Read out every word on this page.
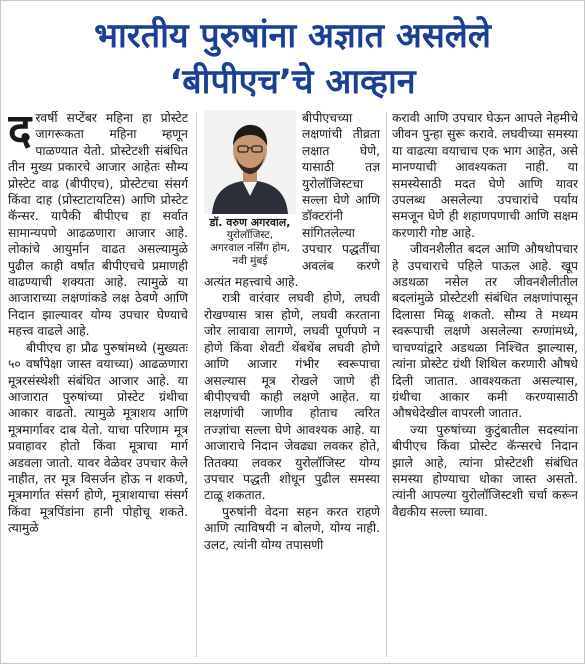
भारतीय पुरुषांना अज्ञात असलेले
‘बीपीएच’चे आव्हान

दरवर्षी सप्टेंबर महिना हा प्रोस्टेट जागरूकता महिना म्हणून पाळण्यात येतो. प्रोस्टेटशी संबंधित तीन मुख्य प्रकारचे आजार आहेतः सौम्य प्रोस्टेट वाढ (बीपीएच), प्रोस्टेटचा संसर्ग किंवा दाह (प्रोस्टाटायटिस) आणि प्रोस्टेट कॅन्सर. यापैकी बीपीएच हा सर्वात सामान्यपणे आढळणारा आजार आहे. लोकांचे आयुर्मान वाढत असल्यामुळे पुढील काही वर्षांत बीपीएचचे प्रमाणही वाढण्याची शक्यता आहे. त्यामुळे या आजाराच्या लक्षणांकडे लक्ष ठेवणे आणि निदान झाल्यावर योग्य उपचार घेण्याचे महत्त्व वाढले आहे.

बीपीएच हा प्रौढ पुरुषांमध्ये (मुख्यतः ५० वर्षांपेक्षा जास्त वयाच्या) आढळणारा मूत्ररसंस्थेशी संबंधित आजार आहे. या आजारात पुरुषांच्या प्रोस्टेट ग्रंथीचा आकार वाढतो. त्यामुळे मूत्राशय आणि मूत्रमार्गावर दाब येतो. याचा परिणाम मूत्र प्रवाहावर होतो किंवा मूत्राचा मार्ग अडवला जातो. यावर वेळेवर उपचार केले नाहीत, तर मूत्र विसर्जन होऊ न शकणे, मूत्रमार्गात संसर्ग होणे, मूत्राशयाचा संसर्ग किंवा मूत्रपिंडांना हानी पोहोचू शकते. त्यामुळे

डॉ. वरुण अगरवाल,
युरोलॉजिस्ट,
अगरवाल नर्सिंग होम,
नवी मुंबई

बीपीएचच्या लक्षणांची तीव्रता लक्षात घेणे, यासाठी तज्ञ युरोलॉजिस्टचा सल्ला घेणे आणि डॉक्टरांनी सांगितलेल्या उपचार पद्धतींचा अवलंब करणे अत्यंत महत्त्वाचे आहे.

रात्री वारंवार लघवी होणे, लघवी रोखण्यास त्रास होणे, लघवी करताना जोर लावावा लागणे, लघवी पूर्णपणे न होणे किंवा शेवटी थेंबथेंब लघवी होणे आणि आजार गंभीर स्वरूपाचा असल्यास मूत्र रोखले जाणे ही बीपीएचची काही लक्षणे आहेत. या लक्षणांची जाणीव होताच त्वरित तज्ज्ञांचा सल्ला घेणे आवश्यक आहे. या आजाराचे निदान जेवढ्या लवकर होते, तितक्या लवकर युरोलॉजिस्ट योग्य उपचार पद्धती शोधून पुढील समस्या टाळू शकतात.

पुरुषांनी वेदना सहन करत राहणे आणि त्याविषयी न बोलणे, योग्य नाही. उलट, त्यांनी योग्य तपासणी

करावी आणि उपचार घेऊन आपले नेहमीचे जीवन पुन्हा सुरू करावे. लघवीच्या समस्या या वाढत्या वयाचाच एक भाग आहेत, असे मानण्याची आवश्यकता नाही. या समस्येसाठी मदत घेणे आणि यावर उपलब्ध असलेल्या उपचारांचे पर्याय समजून घेणे ही शहाणपणाची आणि सक्षम करणारी गोष्ट आहे.

जीवनशैलीत बदल आणि औषधोपचार हे उपचाराचे पहिले पाऊल आहे. खूप अडथळा नसेल तर जीवनशैलीतील बदलांमुळे प्रोस्टेटशी संबंधित लक्षणांपासून दिलासा मिळू शकतो. सौम्य ते मध्यम स्वरूपाची लक्षणे असलेल्या रुग्णांमध्ये, चाचण्यांद्वारे अडथळा निश्चित झाल्यास, त्यांना प्रोस्टेट ग्रंथी शिथिल करणारी औषधे दिली जातात. आवश्यकता असल्यास, ग्रंथीचा आकार कमी करण्यासाठी औषधेदेखील वापरली जातात.

ज्या पुरुषांच्या कुटुंबातील सदस्यांना बीपीएच किंवा प्रोस्टेट कॅन्सरचे निदान झाले आहे, त्यांना प्रोस्टेटशी संबंधित समस्या होण्याचा धोका जास्त असतो. त्यांनी आपल्या युरोलॉजिस्टशी चर्चा करून वैद्यकीय सल्ला घ्यावा.
